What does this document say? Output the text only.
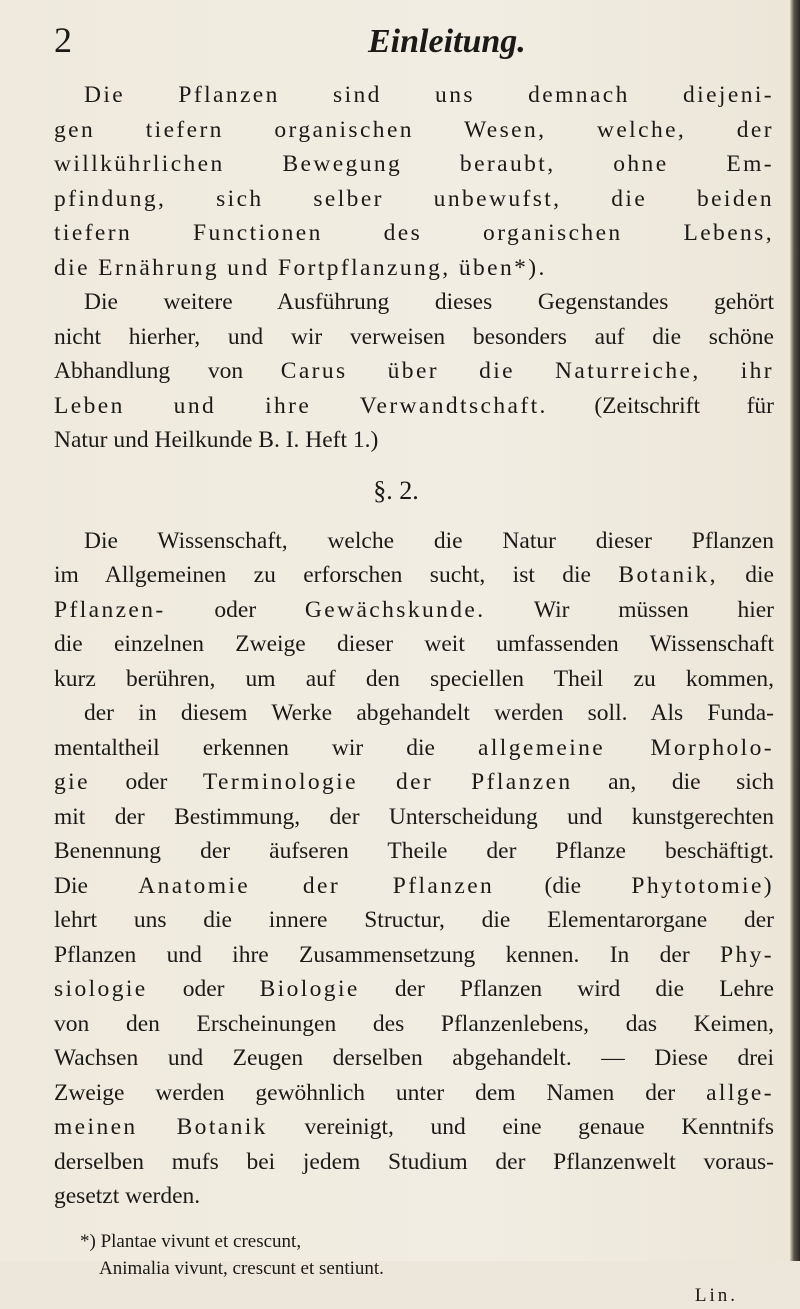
2	Einleitung.

Die Pflanzen sind uns demnach diejeni-

gen tiefern organischen Wesen, welche, der

willkührlichen Bewegung beraubt, ohne Em-

pfindung, sich selber unbewufst, die beiden

tiefern Functionen des organischen Lebens,

die Ernährung und Fortpflanzung, üben*).

Die weitere Ausführung dieses Gegenstandes gehört

nicht hierher, und wir verweisen besonders auf die schöne

Abhandlung von Carus über die Naturreiche, ihr

Leben und ihre Verwandtschaft. (Zeitschrift für

Natur und Heilkunde B. I. Heft 1.)

§. 2.

Die Wissenschaft, welche die Natur dieser Pflanzen

im Allgemeinen zu erforschen sucht, ist die Botanik, die

Pflanzen- oder Gewächskunde. Wir müssen hier

die einzelnen Zweige dieser weit umfassenden Wissenschaft

kurz berühren, um auf den speciellen Theil zu kommen,

der in diesem Werke abgehandelt werden soll. Als Funda-

mentaltheil erkennen wir die allgemeine Morpholo-

gie oder Terminologie der Pflanzen an, die sich

mit der Bestimmung, der Unterscheidung und kunstgerechten

Benennung der äufseren Theile der Pflanze beschäftigt.

Die Anatomie der Pflanzen (die Phytotomie)

lehrt uns die innere Structur, die Elementarorgane der

Pflanzen und ihre Zusammensetzung kennen. In der Phy-

siologie oder Biologie der Pflanzen wird die Lehre

von den Erscheinungen des Pflanzenlebens, das Keimen,

Wachsen und Zeugen derselben abgehandelt. — Diese drei

Zweige werden gewöhnlich unter dem Namen der allge-

meinen Botanik vereinigt, und eine genaue Kenntnifs

derselben mufs bei jedem Studium der Pflanzenwelt voraus-

gesetzt werden.

*) Plantae vivunt et crescunt,

Animalia vivunt, crescunt et sentiunt.

Lin.
